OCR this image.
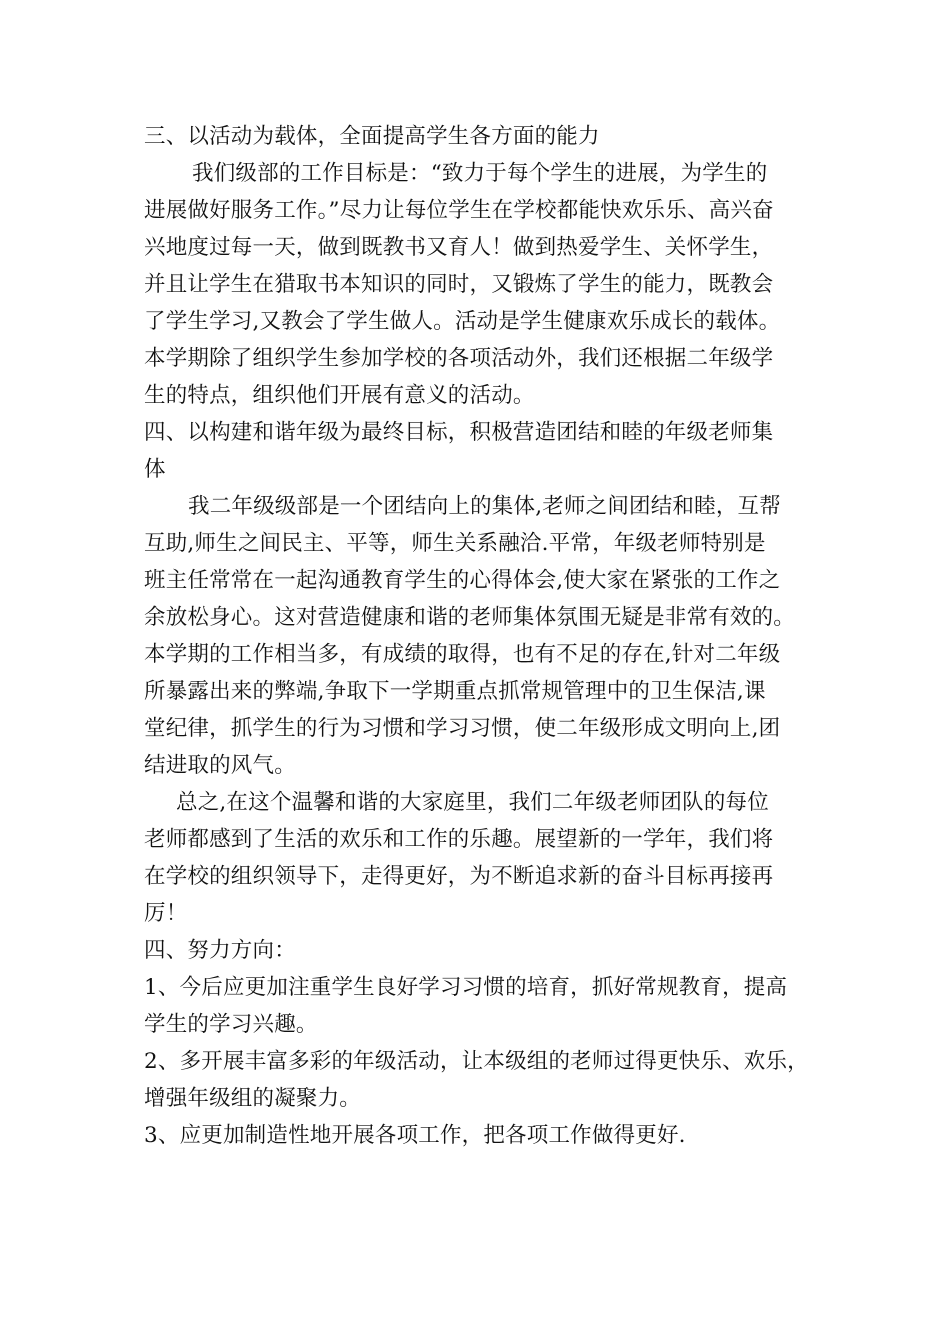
三、以活动为载体，全面提高学生各方面的能力
我们级部的工作目标是：“致力于每个学生的进展，为学生的
进展做好服务工作。”尽力让每位学生在学校都能快欢乐乐、高兴奋
兴地度过每一天，做到既教书又育人！做到热爱学生、关怀学生，
并且让学生在猎取书本知识的同时，又锻炼了学生的能力，既教会
了学生学习,又教会了学生做人。活动是学生健康欢乐成长的载体。
本学期除了组织学生参加学校的各项活动外，我们还根据二年级学
生的特点，组织他们开展有意义的活动。
四、以构建和谐年级为最终目标，积极营造团结和睦的年级老师集
体
我二年级级部是一个团结向上的集体,老师之间团结和睦，互帮
互助,师生之间民主、平等，师生关系融洽.平常，年级老师特别是
班主任常常在一起沟通教育学生的心得体会,使大家在紧张的工作之
余放松身心。这对营造健康和谐的老师集体氛围无疑是非常有效的。
本学期的工作相当多，有成绩的取得，也有不足的存在,针对二年级
所暴露出来的弊端,争取下一学期重点抓常规管理中的卫生保洁,课
堂纪律，抓学生的行为习惯和学习习惯，使二年级形成文明向上,团
结进取的风气。
总之,在这个温馨和谐的大家庭里，我们二年级老师团队的每位
老师都感到了生活的欢乐和工作的乐趣。展望新的一学年，我们将
在学校的组织领导下，走得更好，为不断追求新的奋斗目标再接再
厉！
四、努力方向：
1、今后应更加注重学生良好学习习惯的培育，抓好常规教育，提高
学生的学习兴趣。
2、多开展丰富多彩的年级活动，让本级组的老师过得更快乐、欢乐，
增强年级组的凝聚力。
3、应更加制造性地开展各项工作，把各项工作做得更好.
